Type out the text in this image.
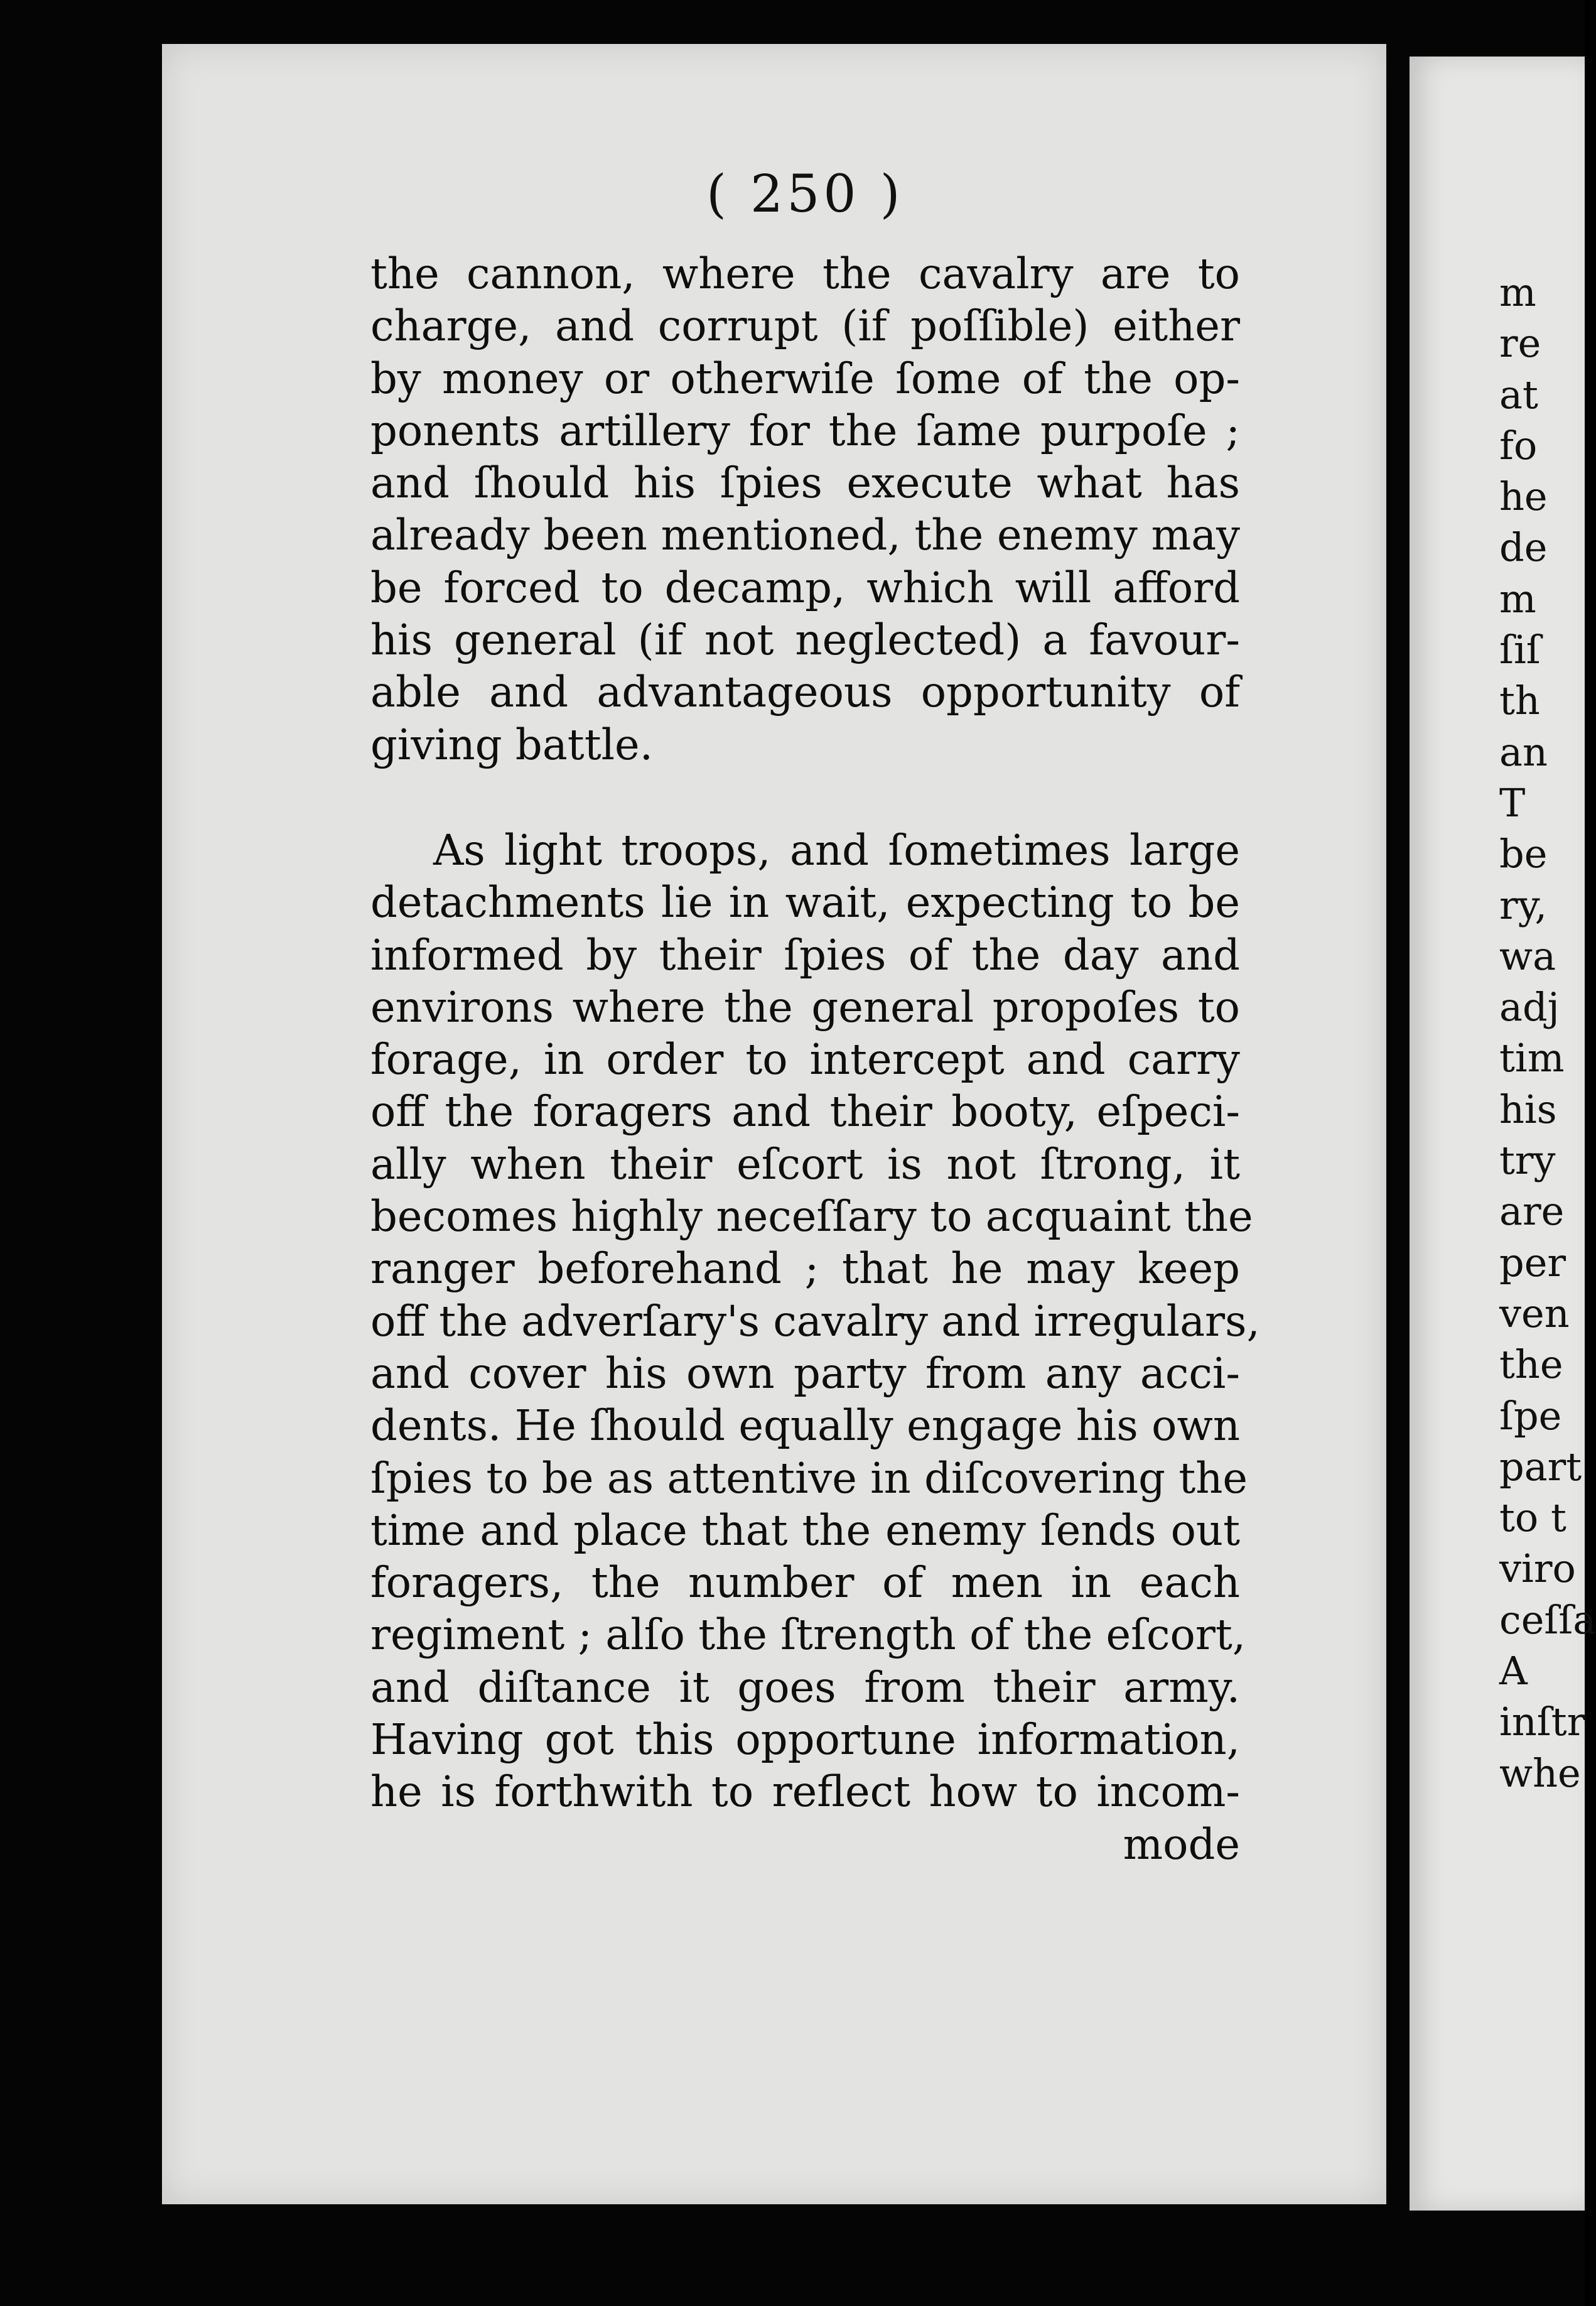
( 250 )
the cannon, where the cavalry are to
charge, and corrupt (if poſſible) either
by money or otherwiſe ſome of the op-
ponents artillery for the ſame purpoſe ;
and ſhould his ſpies execute what has
already been mentioned, the enemy may
be forced to decamp, which will afford
his general (if not neglected) a favour-
able and advantageous opportunity of
giving battle.
As light troops, and ſometimes large
detachments lie in wait, expecting to be
informed by their ſpies of the day and
environs where the general propoſes to
forage, in order to intercept and carry
off the foragers and their booty, eſpeci-
ally when their eſcort is not ſtrong, it
becomes highly neceſſary to acquaint the
ranger beforehand ; that he may keep
off the adverſary's cavalry and irregulars,
and cover his own party from any acci-
dents. He ſhould equally engage his own
ſpies to be as attentive in diſcovering the
time and place that the enemy ſends out
foragers, the number of men in each
regiment ; alſo the ſtrength of the eſcort,
and diſtance it goes from their army.
Having got this opportune information,
he is forthwith to reflect how to incom-
mode
m
re
at
fo
he
de
m
ſiſ
th
an
T
be
ry,
wa
adj
tim
his
try
are
per
ven
the
ſpe
part
to t
viro
ceſſa
A
inſtr
whe
